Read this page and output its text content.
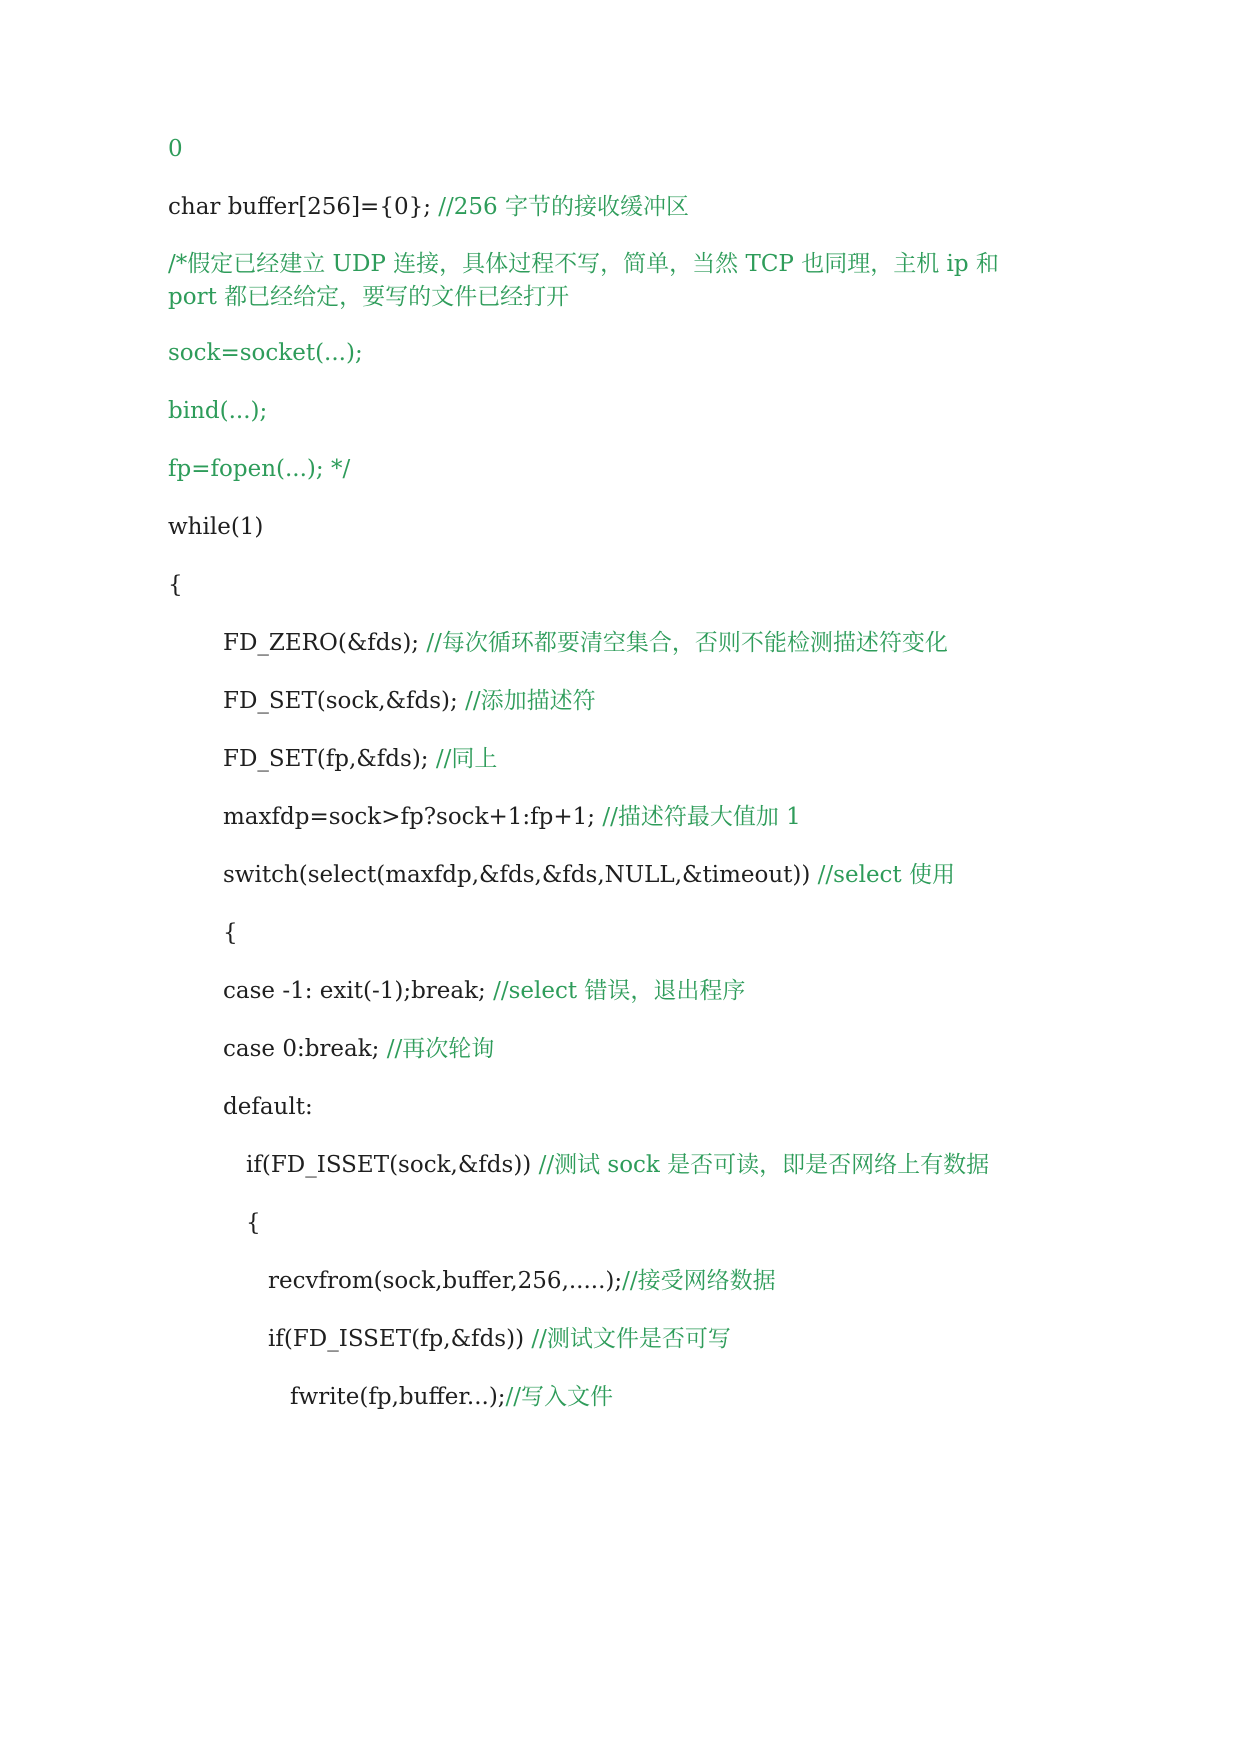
0
char buffer[256]={0}; //256 字节的接收缓冲区
/*假定已经建立 UDP 连接，具体过程不写，简单，当然 TCP 也同理，主机 ip 和 port 都已经给定，要写的文件已经打开
sock=socket(...);
bind(...);
fp=fopen(...); */
while(1)
{
FD_ZERO(&fds); //每次循环都要清空集合，否则不能检测描述符变化
FD_SET(sock,&fds); //添加描述符
FD_SET(fp,&fds); //同上
maxfdp=sock>fp?sock+1:fp+1; //描述符最大值加 1
switch(select(maxfdp,&fds,&fds,NULL,&timeout)) //select 使用
{
case -1: exit(-1);break; //select 错误，退出程序
case 0:break; //再次轮询
default:
if(FD_ISSET(sock,&fds)) //测试 sock 是否可读，即是否网络上有数据
{
recvfrom(sock,buffer,256,.....);//接受网络数据
if(FD_ISSET(fp,&fds)) //测试文件是否可写
fwrite(fp,buffer...);//写入文件
